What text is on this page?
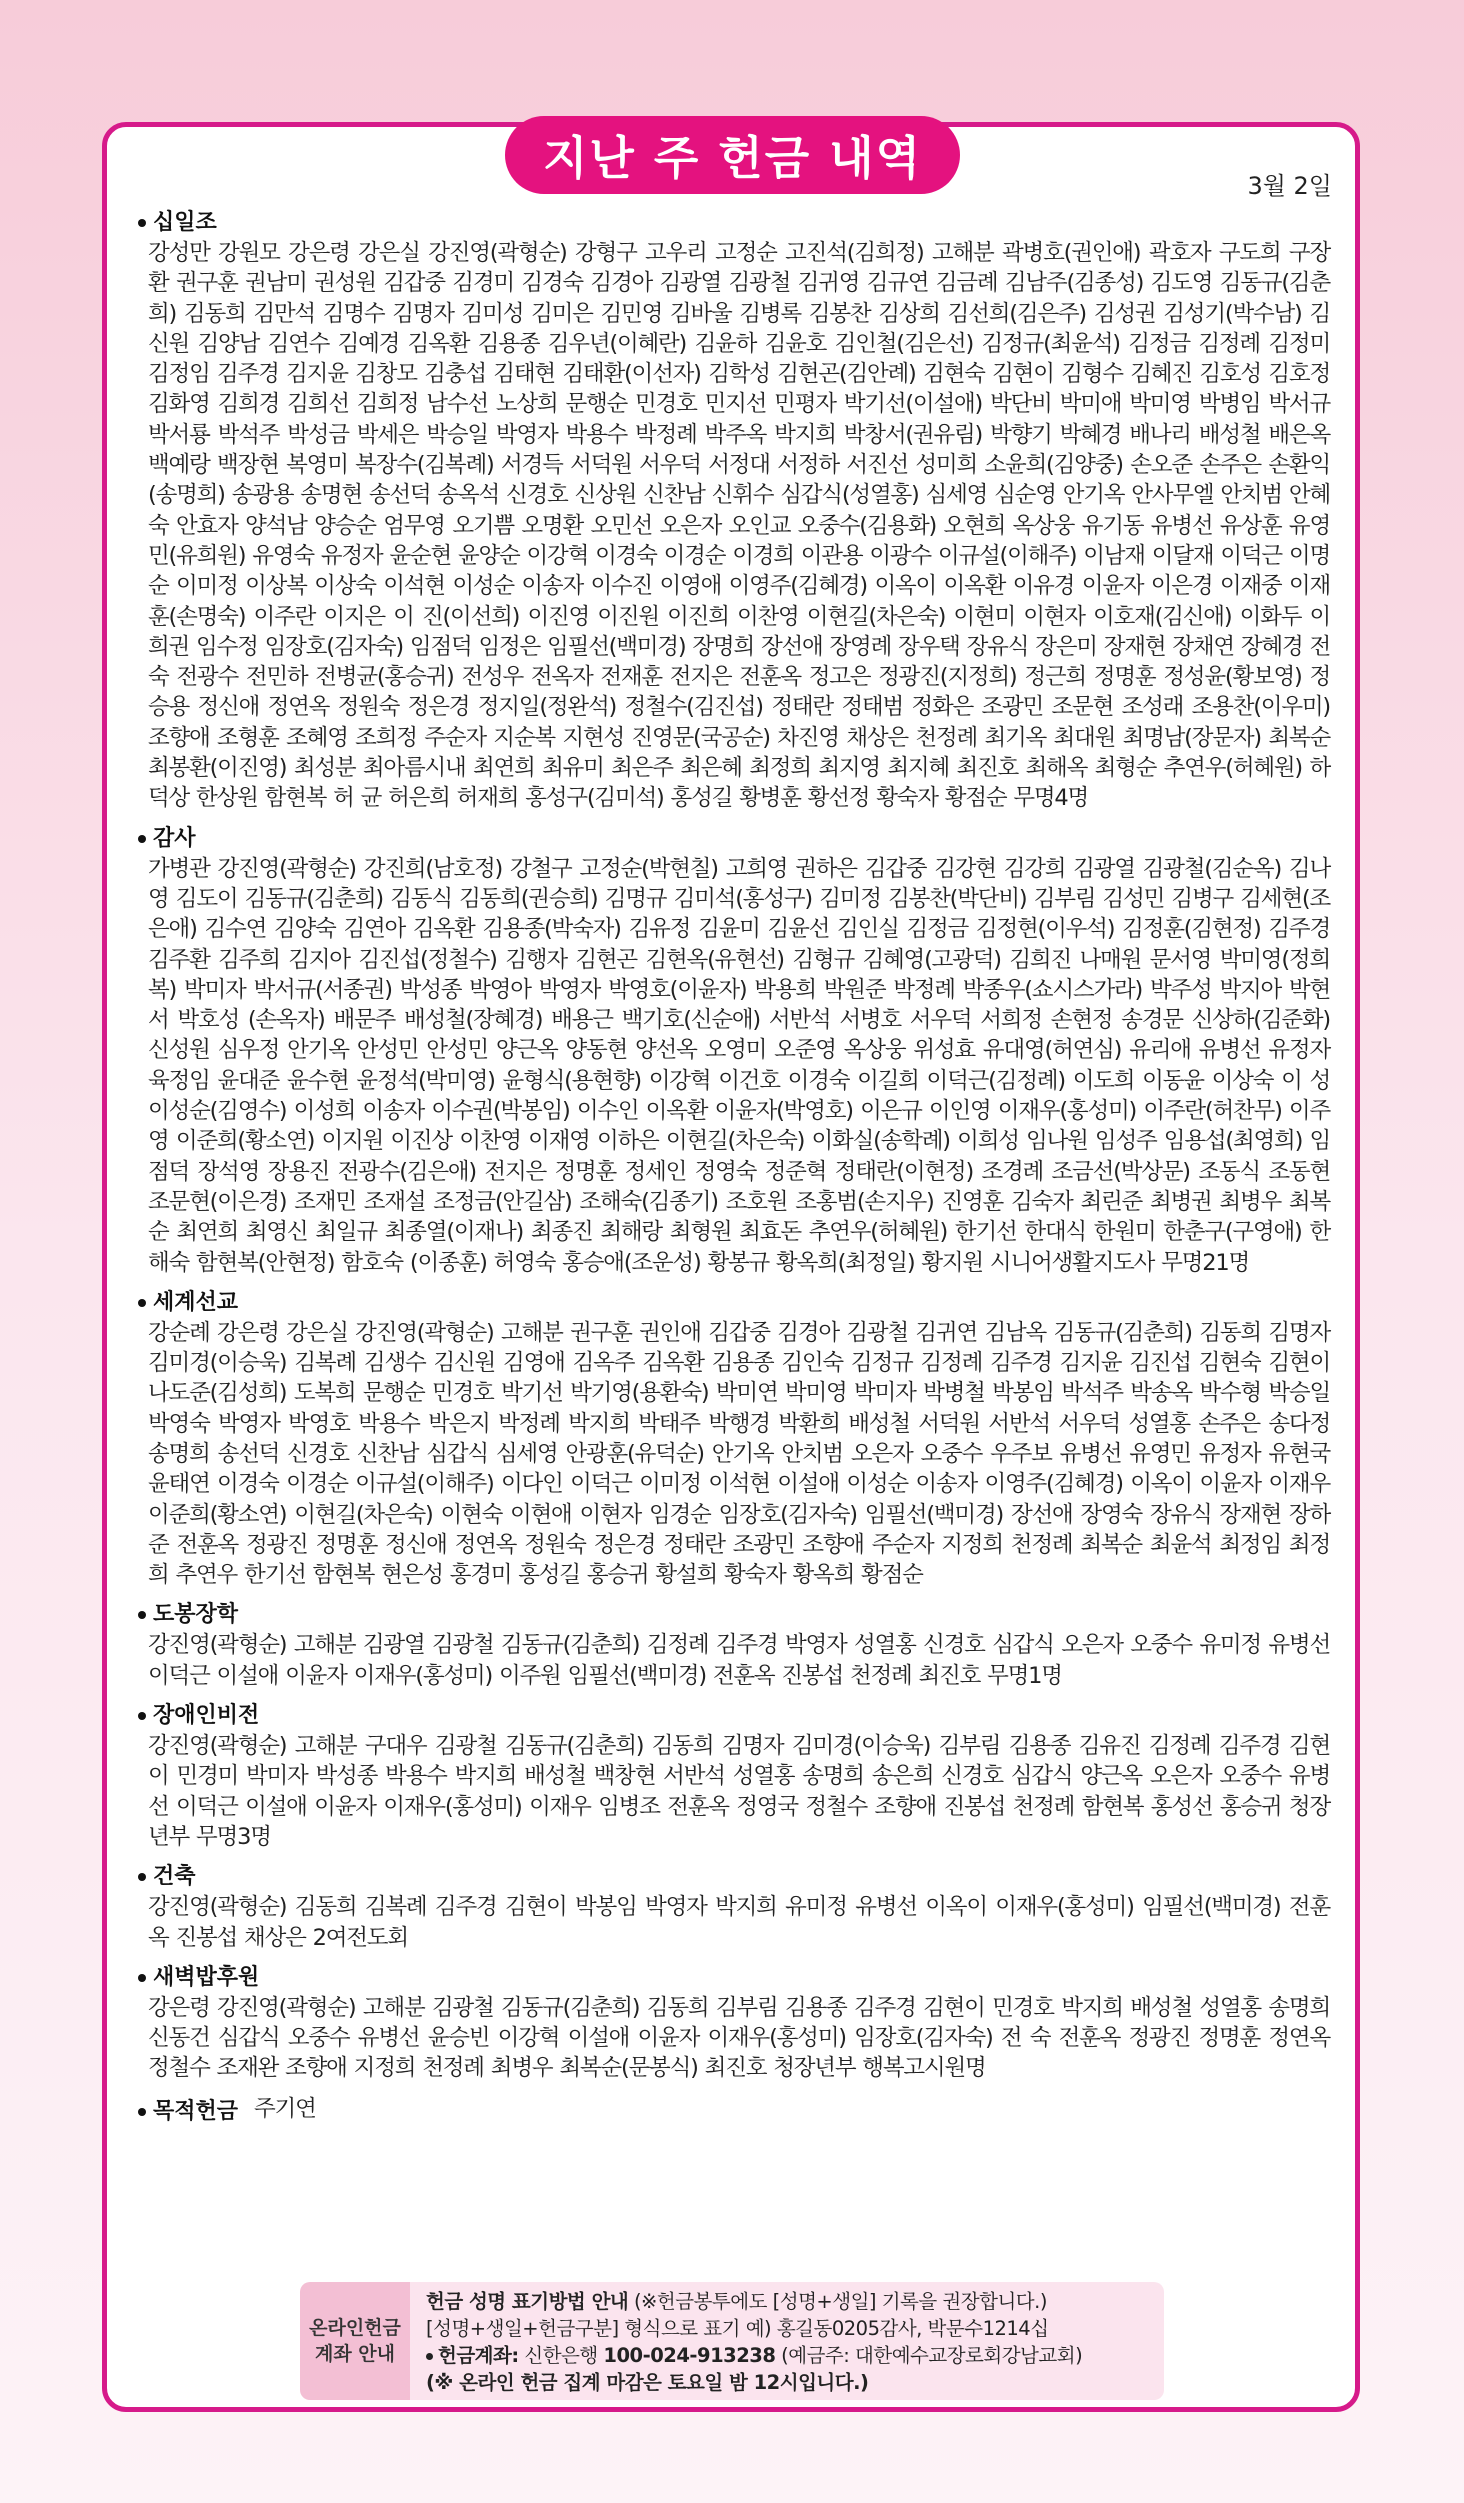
지난 주 헌금 내역
3월 2일
십일조
강성만 강원모 강은령 강은실 강진영(곽형순) 강형구 고우리 고정순 고진석(김희정) 고해분 곽병호(권인애) 곽호자 구도희 구장환 권구훈 권남미 권성원 김갑중 김경미 김경숙 김경아 김광열 김광철 김귀영 김규연 김금례 김남주(김종성) 김도영 김동규(김춘희) 김동희 김만석 김명수 김명자 김미성 김미은 김민영 김바울 김병록 김봉찬 김상희 김선희(김은주) 김성권 김성기(박수남) 김신원 김양남 김연수 김예경 김옥환 김용종 김우년(이혜란) 김윤하 김윤호 김인철(김은선) 김정규(최윤석) 김정금 김정례 김정미 김정임 김주경 김지윤 김창모 김충섭 김태현 김태환(이선자) 김학성 김현곤(김안례) 김현숙 김현이 김형수 김혜진 김호성 김호정 김화영 김희경 김희선 김희정 남수선 노상희 문행순 민경호 민지선 민평자 박기선(이설애) 박단비 박미애 박미영 박병임 박서규 박서룡 박석주 박성금 박세은 박승일 박영자 박용수 박정례 박주옥 박지희 박창서(권유림) 박향기 박혜경 배나리 배성철 배은옥 백예랑 백장현 복영미 복장수(김복례) 서경득 서덕원 서우덕 서정대 서정하 서진선 성미희 소윤희(김양중) 손오준 손주은 손환익(송명희) 송광용 송명현 송선덕 송옥석 신경호 신상원 신찬남 신휘수 심갑식(성열홍) 심세영 심순영 안기옥 안사무엘 안치범 안혜숙 안효자 양석남 양승순 엄무영 오기쁨 오명환 오민선 오은자 오인교 오중수(김용화) 오현희 옥상웅 유기동 유병선 유상훈 유영민(유희원) 유영숙 유정자 윤순현 윤양순 이강혁 이경숙 이경순 이경희 이관용 이광수 이규설(이해주) 이남재 이달재 이덕근 이명순 이미정 이상복 이상숙 이석현 이성순 이송자 이수진 이영애 이영주(김혜경) 이옥이 이옥환 이유경 이윤자 이은경 이재중 이재훈(손명숙) 이주란 이지은 이 진(이선희) 이진영 이진원 이진희 이찬영 이현길(차은숙) 이현미 이현자 이호재(김신애) 이화두 이희권 임수정 임장호(김자숙) 임점덕 임정은 임필선(백미경) 장명희 장선애 장영례 장우택 장유식 장은미 장재현 장채연 장혜경 전 숙 전광수 전민하 전병균(홍승귀) 전성우 전옥자 전재훈 전지은 전훈옥 정고은 정광진(지정희) 정근희 정명훈 정성윤(황보영) 정승용 정신애 정연옥 정원숙 정은경 정지일(정완석) 정철수(김진섭) 정태란 정태범 정화은 조광민 조문현 조성래 조용찬(이우미) 조향애 조형훈 조혜영 조희정 주순자 지순복 지현성 진영문(국공순) 차진영 채상은 천정례 최기옥 최대원 최명남(장문자) 최복순 최봉환(이진영) 최성분 최아름시내 최연희 최유미 최은주 최은혜 최정희 최지영 최지혜 최진호 최해옥 최형순 추연우(허혜원) 하덕상 한상원 함현복 허 균 허은희 허재희 홍성구(김미석) 홍성길 황병훈 황선정 황숙자 황점순 무명4명
감사
가병관 강진영(곽형순) 강진희(남호정) 강철구 고정순(박현칠) 고희영 권하은 김갑중 김강현 김강희 김광열 김광철(김순옥) 김나영 김도이 김동규(김춘희) 김동식 김동희(권승희) 김명규 김미석(홍성구) 김미정 김봉찬(박단비) 김부림 김성민 김병구 김세현(조은애) 김수연 김양숙 김연아 김옥환 김용종(박숙자) 김유정 김윤미 김윤선 김인실 김정금 김정현(이우석) 김정훈(김현정) 김주경 김주환 김주희 김지아 김진섭(정철수) 김행자 김현곤 김현옥(유현선) 김형규 김혜영(고광덕) 김희진 나매원 문서영 박미영(정희복) 박미자 박서규(서종권) 박성종 박영아 박영자 박영호(이윤자) 박용희 박원준 박정례 박종우(쇼시스가라) 박주성 박지아 박현서 박호성 (손옥자) 배문주 배성철(장혜경) 배용근 백기호(신순애) 서반석 서병호 서우덕 서희정 손현정 송경문 신상하(김준화) 신성원 심우정 안기옥 안성민 안성민 양근옥 양동현 양선옥 오영미 오준영 옥상웅 위성효 유대영(허연심) 유리애 유병선 유정자 육정임 윤대준 윤수현 윤정석(박미영) 윤형식(용현향) 이강혁 이건호 이경숙 이길희 이덕근(김정례) 이도희 이동윤 이상숙 이 성 이성순(김영수) 이성희 이송자 이수권(박봉임) 이수인 이옥환 이윤자(박영호) 이은규 이인영 이재우(홍성미) 이주란(허찬무) 이주영 이준희(황소연) 이지원 이진상 이찬영 이재영 이하은 이현길(차은숙) 이화실(송학례) 이희성 임나원 임성주 임용섭(최영희) 임점덕 장석영 장용진 전광수(김은애) 전지은 정명훈 정세인 정영숙 정준혁 정태란(이현정) 조경례 조금선(박상문) 조동식 조동현 조문현(이은경) 조재민 조재설 조정금(안길삼) 조해숙(김종기) 조호원 조홍범(손지우) 진영훈 김숙자 최린준 최병권 최병우 최복순 최연희 최영신 최일규 최종열(이재나) 최종진 최해랑 최형원 최효돈 추연우(허혜원) 한기선 한대식 한원미 한춘구(구영애) 한해숙 함현복(안현정) 함호숙 (이종훈) 허영숙 홍승애(조운성) 황봉규 황옥희(최정일) 황지원 시니어생활지도사 무명21명
세계선교
강순례 강은령 강은실 강진영(곽형순) 고해분 권구훈 권인애 김갑중 김경아 김광철 김귀연 김남옥 김동규(김춘희) 김동희 김명자 김미경(이승욱) 김복례 김생수 김신원 김영애 김옥주 김옥환 김용종 김인숙 김정규 김정례 김주경 김지윤 김진섭 김현숙 김현이 나도준(김성희) 도복희 문행순 민경호 박기선 박기영(용환숙) 박미연 박미영 박미자 박병철 박봉임 박석주 박송옥 박수형 박승일 박영숙 박영자 박영호 박용수 박은지 박정례 박지희 박태주 박행경 박환희 배성철 서덕원 서반석 서우덕 성열홍 손주은 송다정 송명희 송선덕 신경호 신찬남 심갑식 심세영 안광훈(유덕순) 안기옥 안치범 오은자 오중수 우주보 유병선 유영민 유정자 유현국 윤태연 이경숙 이경순 이규설(이해주) 이다인 이덕근 이미정 이석현 이설애 이성순 이송자 이영주(김혜경) 이옥이 이윤자 이재우 이준희(황소연) 이현길(차은숙) 이현숙 이현애 이현자 임경순 임장호(김자숙) 임필선(백미경) 장선애 장영숙 장유식 장재현 장하준 전훈옥 정광진 정명훈 정신애 정연옥 정원숙 정은경 정태란 조광민 조향애 주순자 지정희 천정례 최복순 최윤석 최정임 최정희 추연우 한기선 함현복 현은성 홍경미 홍성길 홍승귀 황설희 황숙자 황옥희 황점순
도봉장학
강진영(곽형순) 고해분 김광열 김광철 김동규(김춘희) 김정례 김주경 박영자 성열홍 신경호 심갑식 오은자 오중수 유미정 유병선 이덕근 이설애 이윤자 이재우(홍성미) 이주원 임필선(백미경) 전훈옥 진봉섭 천정례 최진호 무명1명
장애인비전
강진영(곽형순) 고해분 구대우 김광철 김동규(김춘희) 김동희 김명자 김미경(이승욱) 김부림 김용종 김유진 김정례 김주경 김현이 민경미 박미자 박성종 박용수 박지희 배성철 백창현 서반석 성열홍 송명희 송은희 신경호 심갑식 양근옥 오은자 오중수 유병선 이덕근 이설애 이윤자 이재우(홍성미) 이재우 임병조 전훈옥 정영국 정철수 조향애 진봉섭 천정례 함현복 홍성선 홍승귀 청장년부 무명3명
건축
강진영(곽형순) 김동희 김복례 김주경 김현이 박봉임 박영자 박지희 유미정 유병선 이옥이 이재우(홍성미) 임필선(백미경) 전훈옥 진봉섭 채상은 2여전도회
새벽밥후원
강은령 강진영(곽형순) 고해분 김광철 김동규(김춘희) 김동희 김부림 김용종 김주경 김현이 민경호 박지희 배성철 성열홍 송명희 신동건 심갑식 오중수 유병선 윤승빈 이강혁 이설애 이윤자 이재우(홍성미) 임장호(김자숙) 전 숙 전훈옥 정광진 정명훈 정연옥 정철수 조재완 조향애 지정희 천정례 최병우 최복순(문봉식) 최진호 청장년부 행복고시원명
목적헌금 주기연
온라인헌금
계좌 안내
헌금 성명 표기방법 안내 (※헌금봉투에도 [성명+생일] 기록을 권장합니다.)
[성명+생일+헌금구분] 형식으로 표기 예) 홍길동0205감사, 박문수1214십
헌금계좌: 신한은행 100-024-913238 (예금주: 대한예수교장로회강남교회)
(※ 온라인 헌금 집계 마감은 토요일 밤 12시입니다.)
